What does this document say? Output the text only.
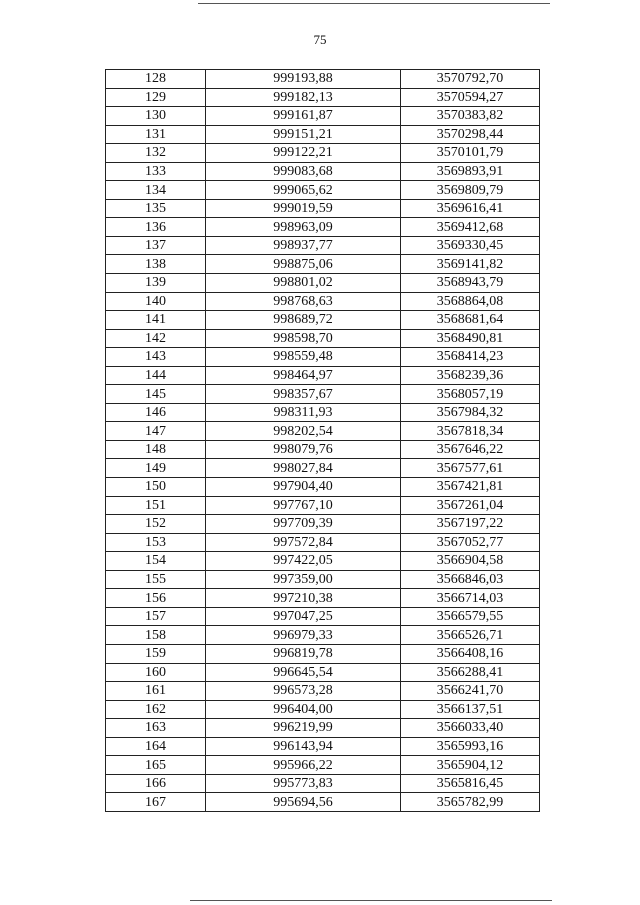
75
128	999193,88	3570792,70
129	999182,13	3570594,27
130	999161,87	3570383,82
131	999151,21	3570298,44
132	999122,21	3570101,79
133	999083,68	3569893,91
134	999065,62	3569809,79
135	999019,59	3569616,41
136	998963,09	3569412,68
137	998937,77	3569330,45
138	998875,06	3569141,82
139	998801,02	3568943,79
140	998768,63	3568864,08
141	998689,72	3568681,64
142	998598,70	3568490,81
143	998559,48	3568414,23
144	998464,97	3568239,36
145	998357,67	3568057,19
146	998311,93	3567984,32
147	998202,54	3567818,34
148	998079,76	3567646,22
149	998027,84	3567577,61
150	997904,40	3567421,81
151	997767,10	3567261,04
152	997709,39	3567197,22
153	997572,84	3567052,77
154	997422,05	3566904,58
155	997359,00	3566846,03
156	997210,38	3566714,03
157	997047,25	3566579,55
158	996979,33	3566526,71
159	996819,78	3566408,16
160	996645,54	3566288,41
161	996573,28	3566241,70
162	996404,00	3566137,51
163	996219,99	3566033,40
164	996143,94	3565993,16
165	995966,22	3565904,12
166	995773,83	3565816,45
167	995694,56	3565782,99
